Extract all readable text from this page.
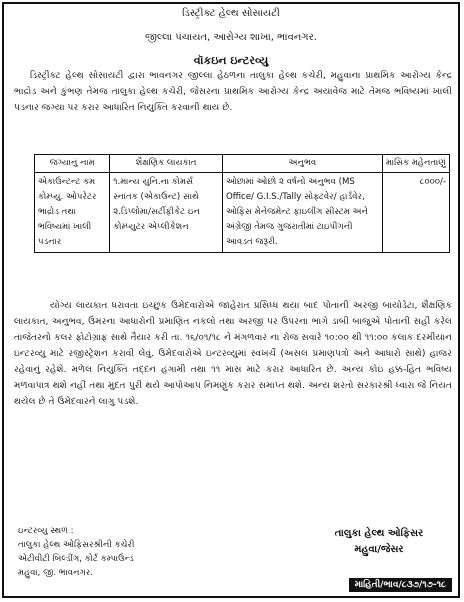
ડિસ્ટ્રીક્ટ હેલ્થ સોસાયટી
જીલ્લા પંચાયત, આરોગ્ય શાખા, ભાવનગર.
વૉકઇન ઇન્ટરવ્યુ
ડિસ્ટ્રીક્ટ હેલ્થ સોસાયટી દ્વારા ભાવનગર જીલ્લા હેઠળના તાલુકા હેલ્થ કચેરી, મહુવાના પ્રાથમિક આરોગ્ય કેન્દ્ર ભાદ્રોડ અને કુંભણ તેમજ તાલુકા હેલ્થ કચેરી, જેસરના પ્રાથમિક આરોગ્ય કેન્દ્ર અયાવેજ માટે તેમજ ભવિષ્યમાં ખાલી પડનાર જગ્યા પર કરાર આધારિત નિયુક્તિ કરવાની થાય છે.
જગ્યાનું નામ	શૈક્ષણિક લાયકાત	અનુભવ	માસિક મહેનતાણું
એકાઉન્ટન્ટ કમ કોમ્પ્યુ. ઓપરેટર ભાદ્રોડ તથા ભવિષ્યમાં ખાલી પડનાર	૧.માન્ય યુનિ.ના કોમર્સ સ્નાતક (એકાઉન્ટ) સાથે ૨.ડિપ્લોમા/સર્ટીફીકેટ ઇન કોમ્પ્યુટર એપ્લીકેશન	ઓછામાં ઓછો ૨ વર્ષનો અનુભવ (MS Office/ G.I.S./Tally સોફ્ટવેર/ હાર્ડવેર, ઓફિસ મેનેજમેન્ટ ફાઇલીંગ સીસ્ટમ અને અંગ્રેજી તેમજ ગુજરાતીમાં ટાઇપીંગની આવડત જરૂરી.	૮૦૦૦/-
યોગ્ય લાયકાત ધરાવતા ઇચ્છુક ઉમેદવારોએ જાહેરાત પ્રસિધ્ધ થયા બાદ પોતાની અરજી બાયોડેટા, શૈક્ષણિક લાયકાત, અનુભવ, ઉંમરના આધારોની પ્રમાણિત નકલો તથા અરજી પર ઉપરના ભાગે ડાબી બાજુએ પોતાની સહી કરેલ તાજેતરનો કલર ફોટોગ્રાફ સાથે તૈયાર કરી તા. ૧૬/૦૧/૧૮ ને મંગળવાર ના રોજ સવારે ૧૦:૦૦ થી ૧૧:૦૦ કલાક દરમીયાન ઇન્ટરવ્યુ માટે રજીસ્ટ્રેશન કરાવી લેવું. ઉમેદવારોએ ઇન્ટરવ્યુમાં સ્વખર્ચે (અસલ પ્રમાણપત્રો અને આધારો સાથે) હાજર રહેવાનું રહેશે. મળેલ નિયુક્તિ તદ્દન હંગામી તથા ૧૧ માસ માટે કરાર આધારિત છે. અન્ય કોઇ હક્ક-હિત ભવિષ્ય મળવાપાત્ર થશે નહીં તથા મુદત પુરી થયે આપોઆપ નિમણુંક કરાર સમાપ્ત થશે. અન્ય શરતો સરકારશ્રી ધ્વારા જે નિયત થયેલ છે તે ઉમેદવારને લાગુ પડશે.
ઇન્ટરવ્યુ સ્થળ :
તાલુકા હેલ્થ ઓફિસરશ્રીની કચેરી
એટીવીટી બિલ્ડીંગ, કોર્ટ કમ્પાઉન્ડ
મહુવા, જી. ભાવનગર.
તાલુકા હેલ્થ ઓફિસર
મહુવા/જેસર
માહિતી/ભાવ/૮૩૭/૧૭-૧૮
